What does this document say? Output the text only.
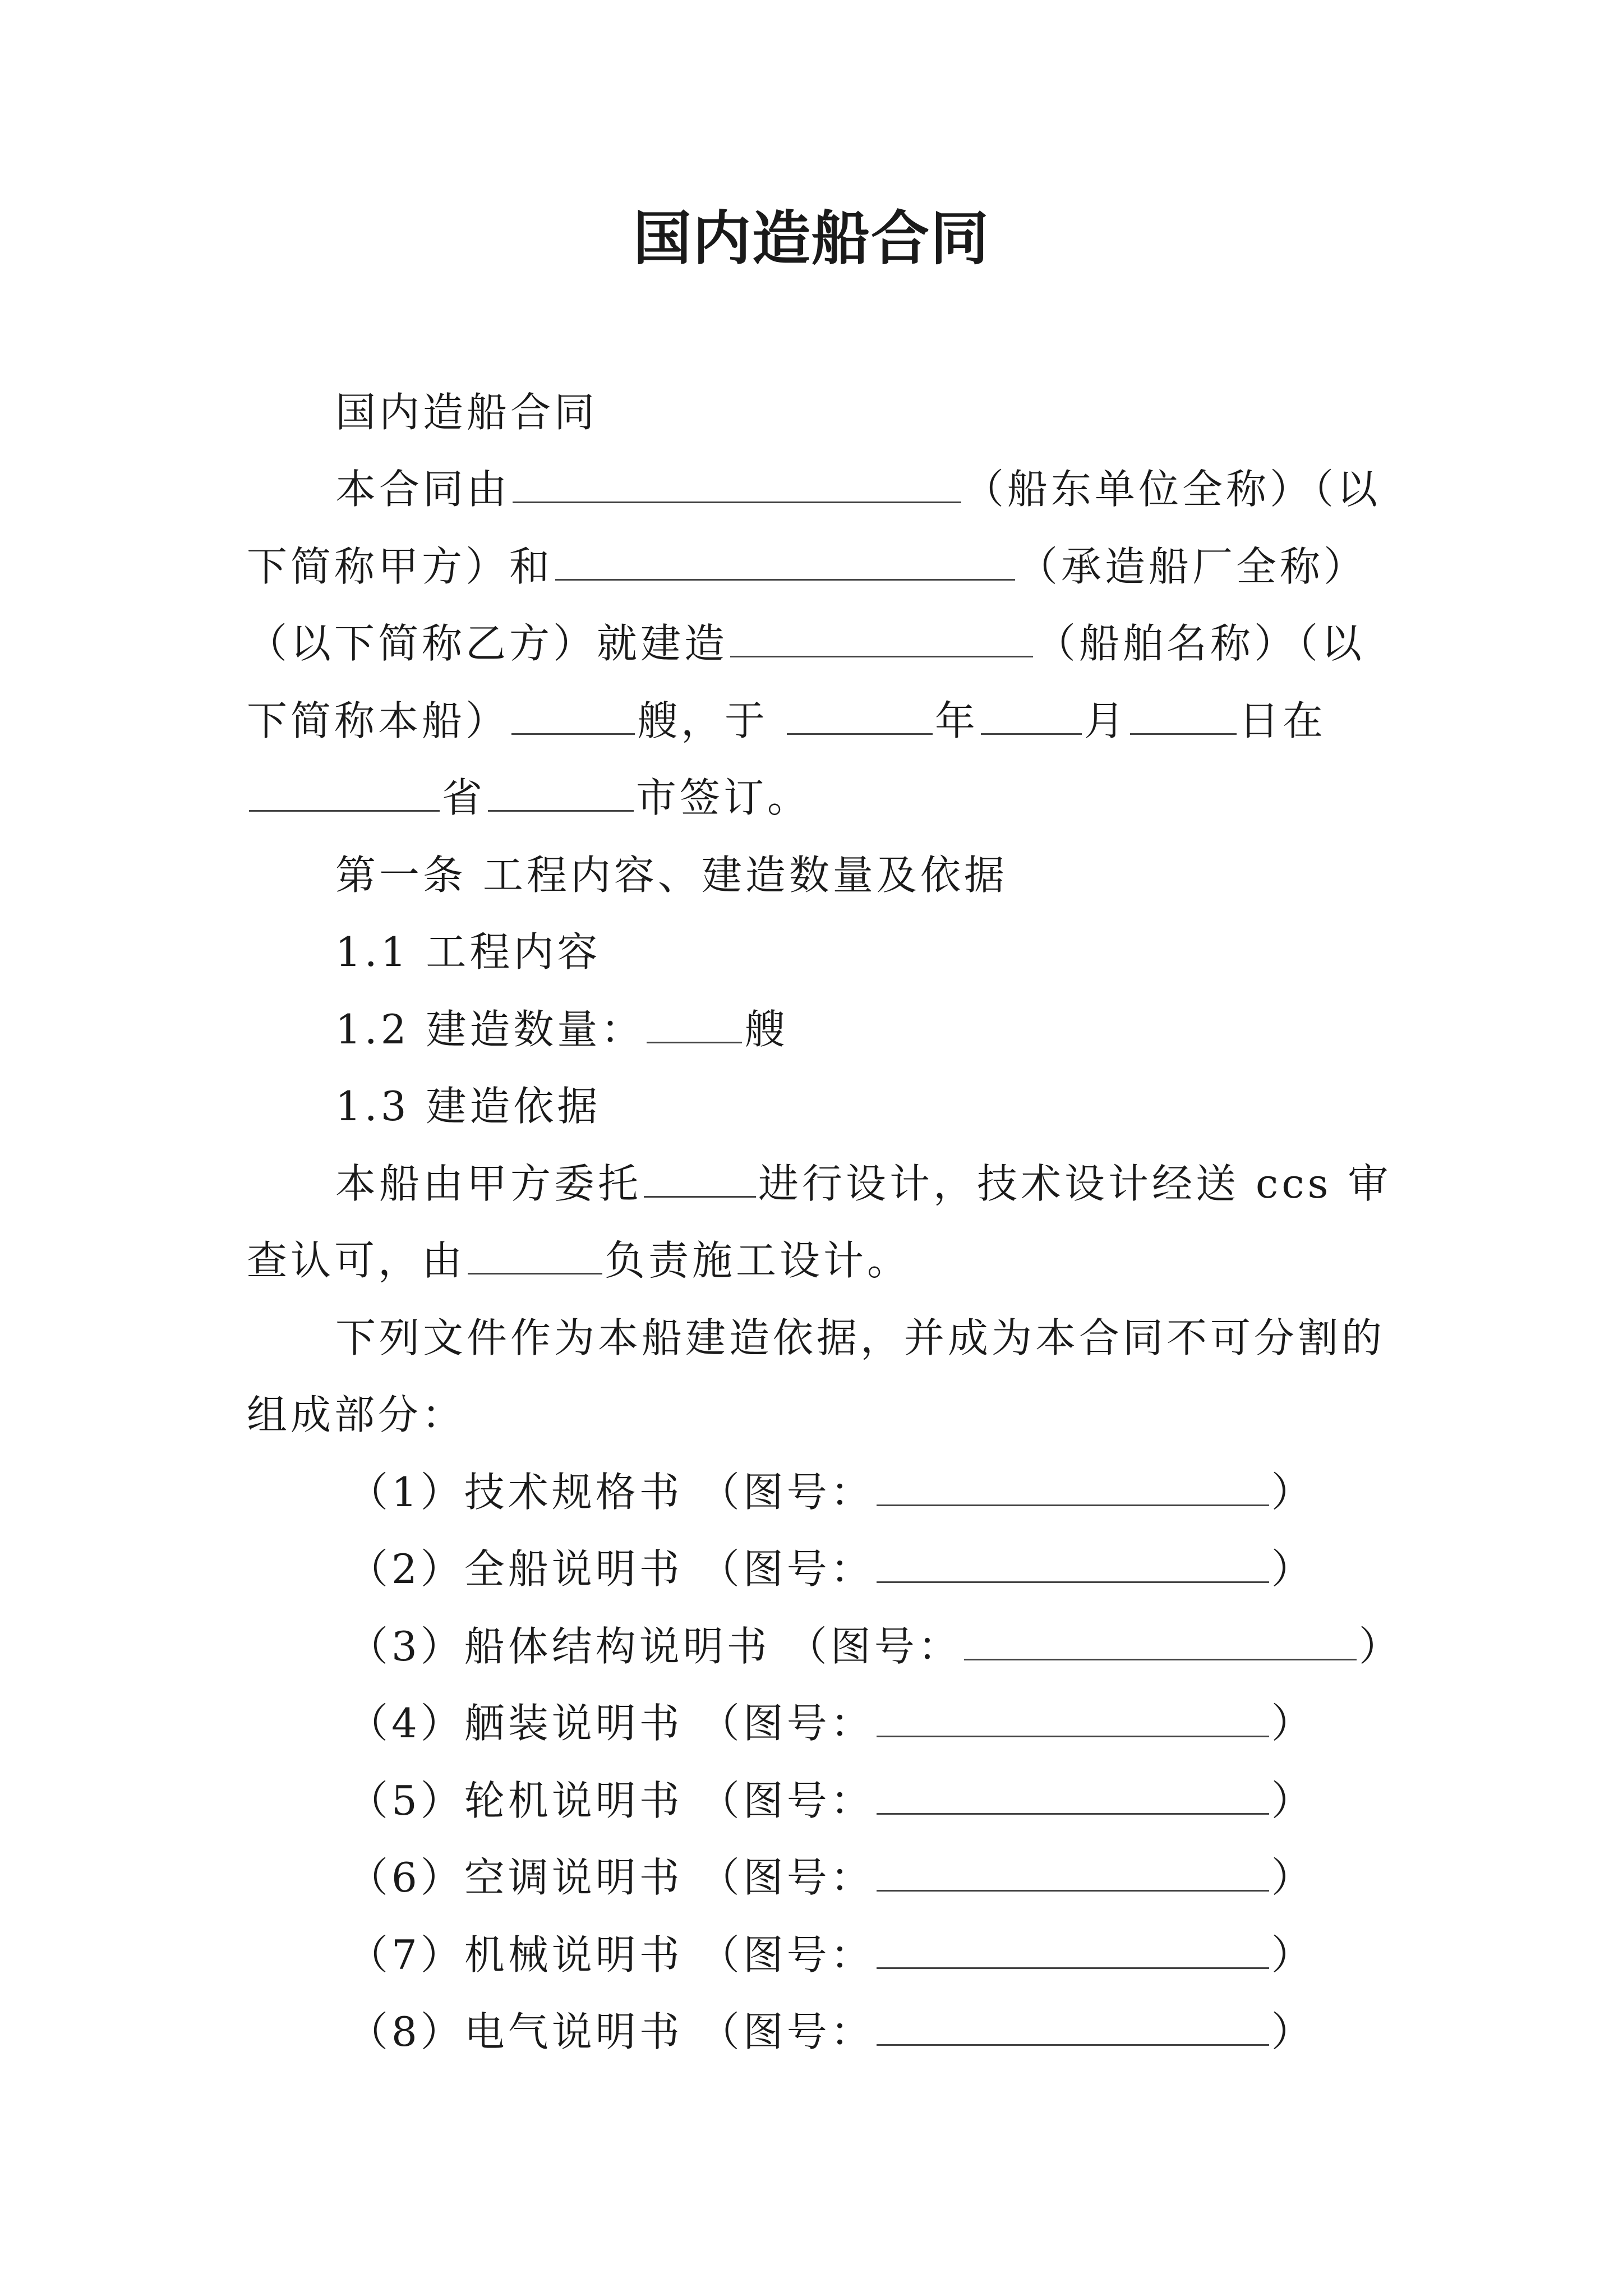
国内造船合同
国内造船合同
本合同由	（船东单位全称）（以
下简称甲方）和	（承造船厂全称）
（以下简称乙方）就建造	（船舶名称）（以
下简称本船）	艘，于	年	月	日在
省	市签订。
第一条 工程内容、建造数量及依据
1.1 工程内容
1.2 建造数量： 艘
1.3 建造依据
本船由甲方委托	进行设计，技术设计经送 ccs 审
查认可，由	负责施工设计。
下列文件作为本船建造依据，并成为本合同不可分割的
组成部分：
（1）技术规格书 （图号：	）
（2）全船说明书 （图号：	）
（3）船体结构说明书 （图号：	）
（4）舾装说明书 （图号：	）
（5）轮机说明书 （图号：	）
（6）空调说明书 （图号：	）
（7）机械说明书 （图号：	）
（8）电气说明书 （图号：	）
